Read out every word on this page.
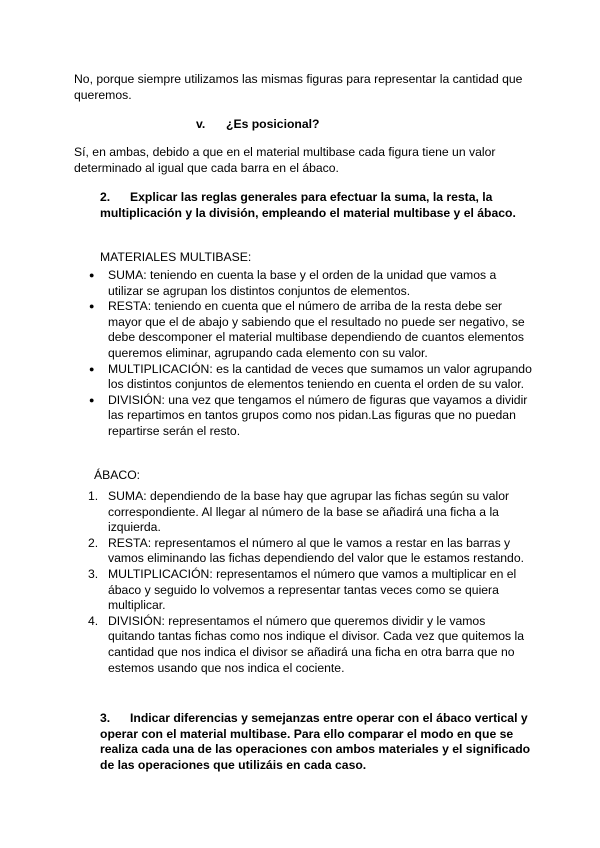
No, porque siempre utilizamos las mismas figuras para representar la cantidad que queremos.

v. ¿Es posicional?

Sí, en ambas, debido a que en el material multibase cada figura tiene un valor determinado al igual que cada barra en el ábaco.

2. Explicar las reglas generales para efectuar la suma, la resta, la multiplicación y la división, empleando el material multibase y el ábaco.

MATERIALES MULTIBASE:

● SUMA: teniendo en cuenta la base y el orden de la unidad que vamos a utilizar se agrupan los distintos conjuntos de elementos.
● RESTA: teniendo en cuenta que el número de arriba de la resta debe ser mayor que el de abajo y sabiendo que el resultado no puede ser negativo, se debe descomponer el material multibase dependiendo de cuantos elementos queremos eliminar, agrupando cada elemento con su valor.
● MULTIPLICACIÓN: es la cantidad de veces que sumamos un valor agrupando los distintos conjuntos de elementos teniendo en cuenta el orden de su valor.
● DIVISIÓN: una vez que tengamos el número de figuras que vayamos a dividir las repartimos en tantos grupos como nos pidan.Las figuras que no puedan repartirse serán el resto.

ÁBACO:

1. SUMA: dependiendo de la base hay que agrupar las fichas según su valor correspondiente. Al llegar al número de la base se añadirá una ficha a la izquierda.
2. RESTA: representamos el número al que le vamos a restar en las barras y vamos eliminando las fichas dependiendo del valor que le estamos restando.
3. MULTIPLICACIÓN: representamos el número que vamos a multiplicar en el ábaco y seguido lo volvemos a representar tantas veces como se quiera multiplicar.
4. DIVISIÓN: representamos el número que queremos dividir y le vamos quitando tantas fichas como nos indique el divisor. Cada vez que quitemos la cantidad que nos indica el divisor se añadirá una ficha en otra barra que no estemos usando que nos indica el cociente.

3. Indicar diferencias y semejanzas entre operar con el ábaco vertical y operar con el material multibase. Para ello comparar el modo en que se realiza cada una de las operaciones con ambos materiales y el significado de las operaciones que utilizáis en cada caso.
